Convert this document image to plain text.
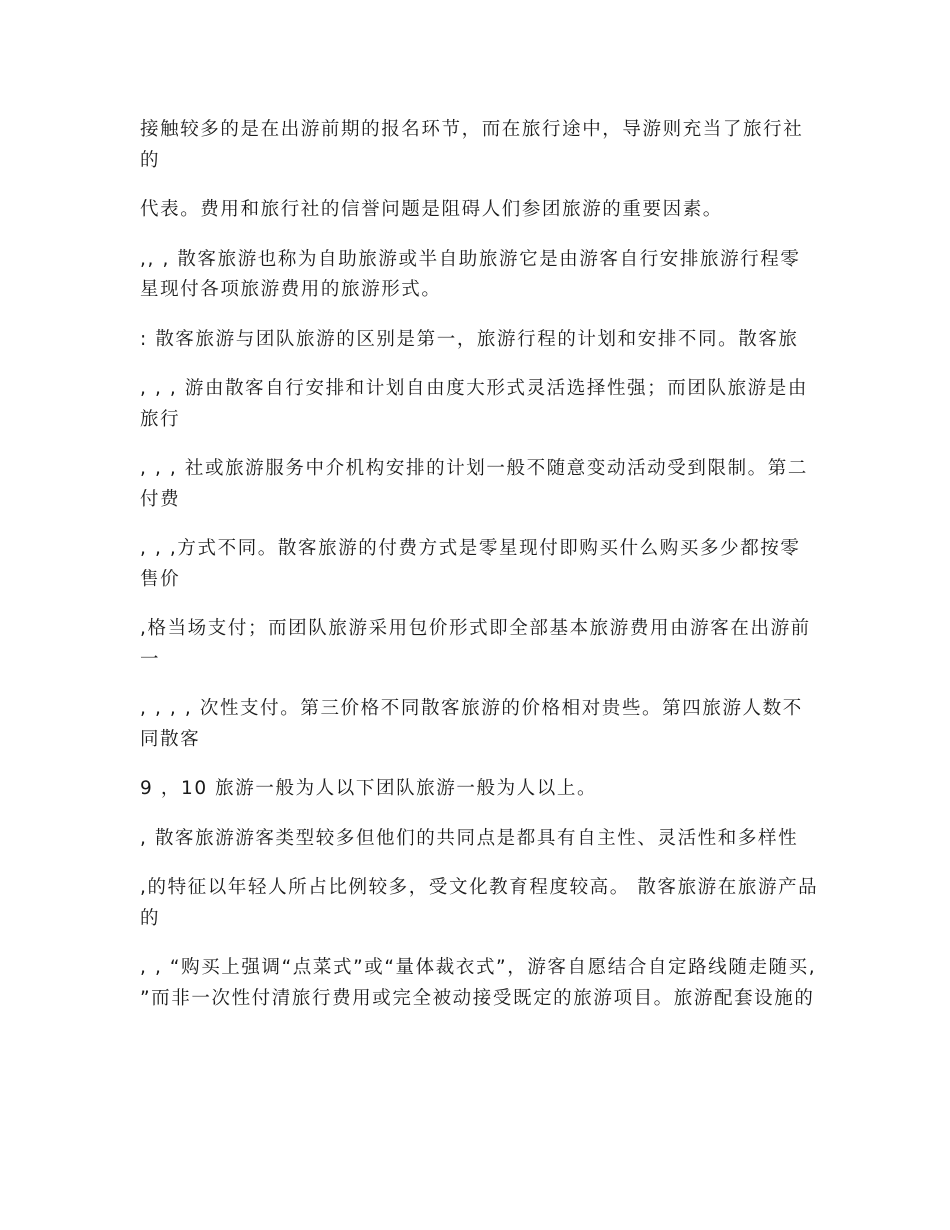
接触较多的是在出游前期的报名环节，而在旅行途中，导游则充当了旅行社的

代表。费用和旅行社的信誉问题是阻碍人们参团旅游的重要因素。

,, , 散客旅游也称为自助旅游或半自助旅游它是由游客自行安排旅游行程零星现付各项旅游费用的旅游形式。

: 散客旅游与团队旅游的区别是第一，旅游行程的计划和安排不同。散客旅

, , , 游由散客自行安排和计划自由度大形式灵活选择性强；而团队旅游是由旅行

, , , 社或旅游服务中介机构安排的计划一般不随意变动活动受到限制。第二付费

, , ,方式不同。散客旅游的付费方式是零星现付即购买什么购买多少都按零售价

,格当场支付；而团队旅游采用包价形式即全部基本旅游费用由游客在出游前一

, , , , 次性支付。第三价格不同散客旅游的价格相对贵些。第四旅游人数不同散客

9 ，10 旅游一般为人以下团队旅游一般为人以上。

, 散客旅游游客类型较多但他们的共同点是都具有自主性、灵活性和多样性

,的特征以年轻人所占比例较多，受文化教育程度较高。 散客旅游在旅游产品的

, , “购买上强调“点菜式”或“量体裁衣式”，游客自愿结合自定路线随走随买, ”而非一次性付清旅行费用或完全被动接受既定的旅游项目。旅游配套设施的
